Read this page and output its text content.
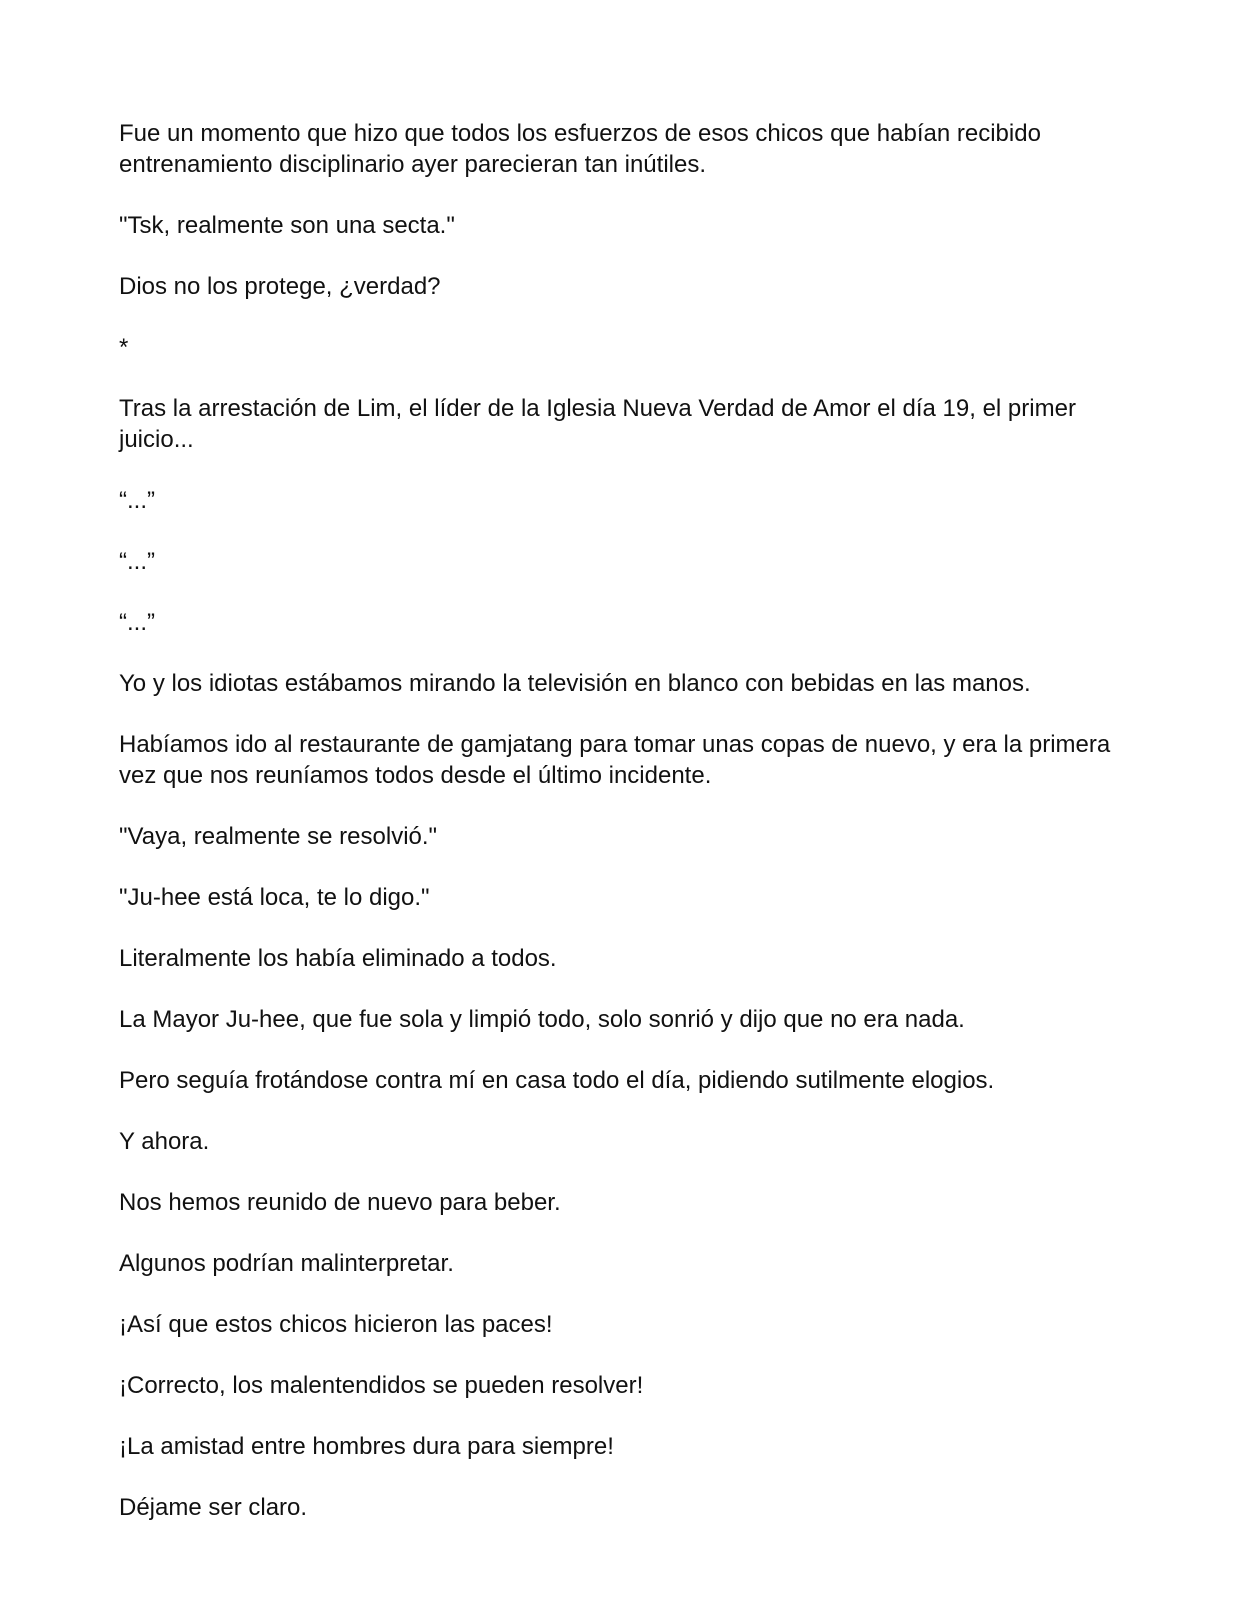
Fue un momento que hizo que todos los esfuerzos de esos chicos que habían recibido entrenamiento disciplinario ayer parecieran tan inútiles.

"Tsk, realmente son una secta."

Dios no los protege, ¿verdad?

*

Tras la arrestación de Lim, el líder de la Iglesia Nueva Verdad de Amor el día 19, el primer juicio...

“...”

“...”

“...”

Yo y los idiotas estábamos mirando la televisión en blanco con bebidas en las manos.

Habíamos ido al restaurante de gamjatang para tomar unas copas de nuevo, y era la primera vez que nos reuníamos todos desde el último incidente.

"Vaya, realmente se resolvió."

"Ju-hee está loca, te lo digo."

Literalmente los había eliminado a todos.

La Mayor Ju-hee, que fue sola y limpió todo, solo sonrió y dijo que no era nada.

Pero seguía frotándose contra mí en casa todo el día, pidiendo sutilmente elogios.

Y ahora.

Nos hemos reunido de nuevo para beber.

Algunos podrían malinterpretar.

¡Así que estos chicos hicieron las paces!

¡Correcto, los malentendidos se pueden resolver!

¡La amistad entre hombres dura para siempre!

Déjame ser claro.
